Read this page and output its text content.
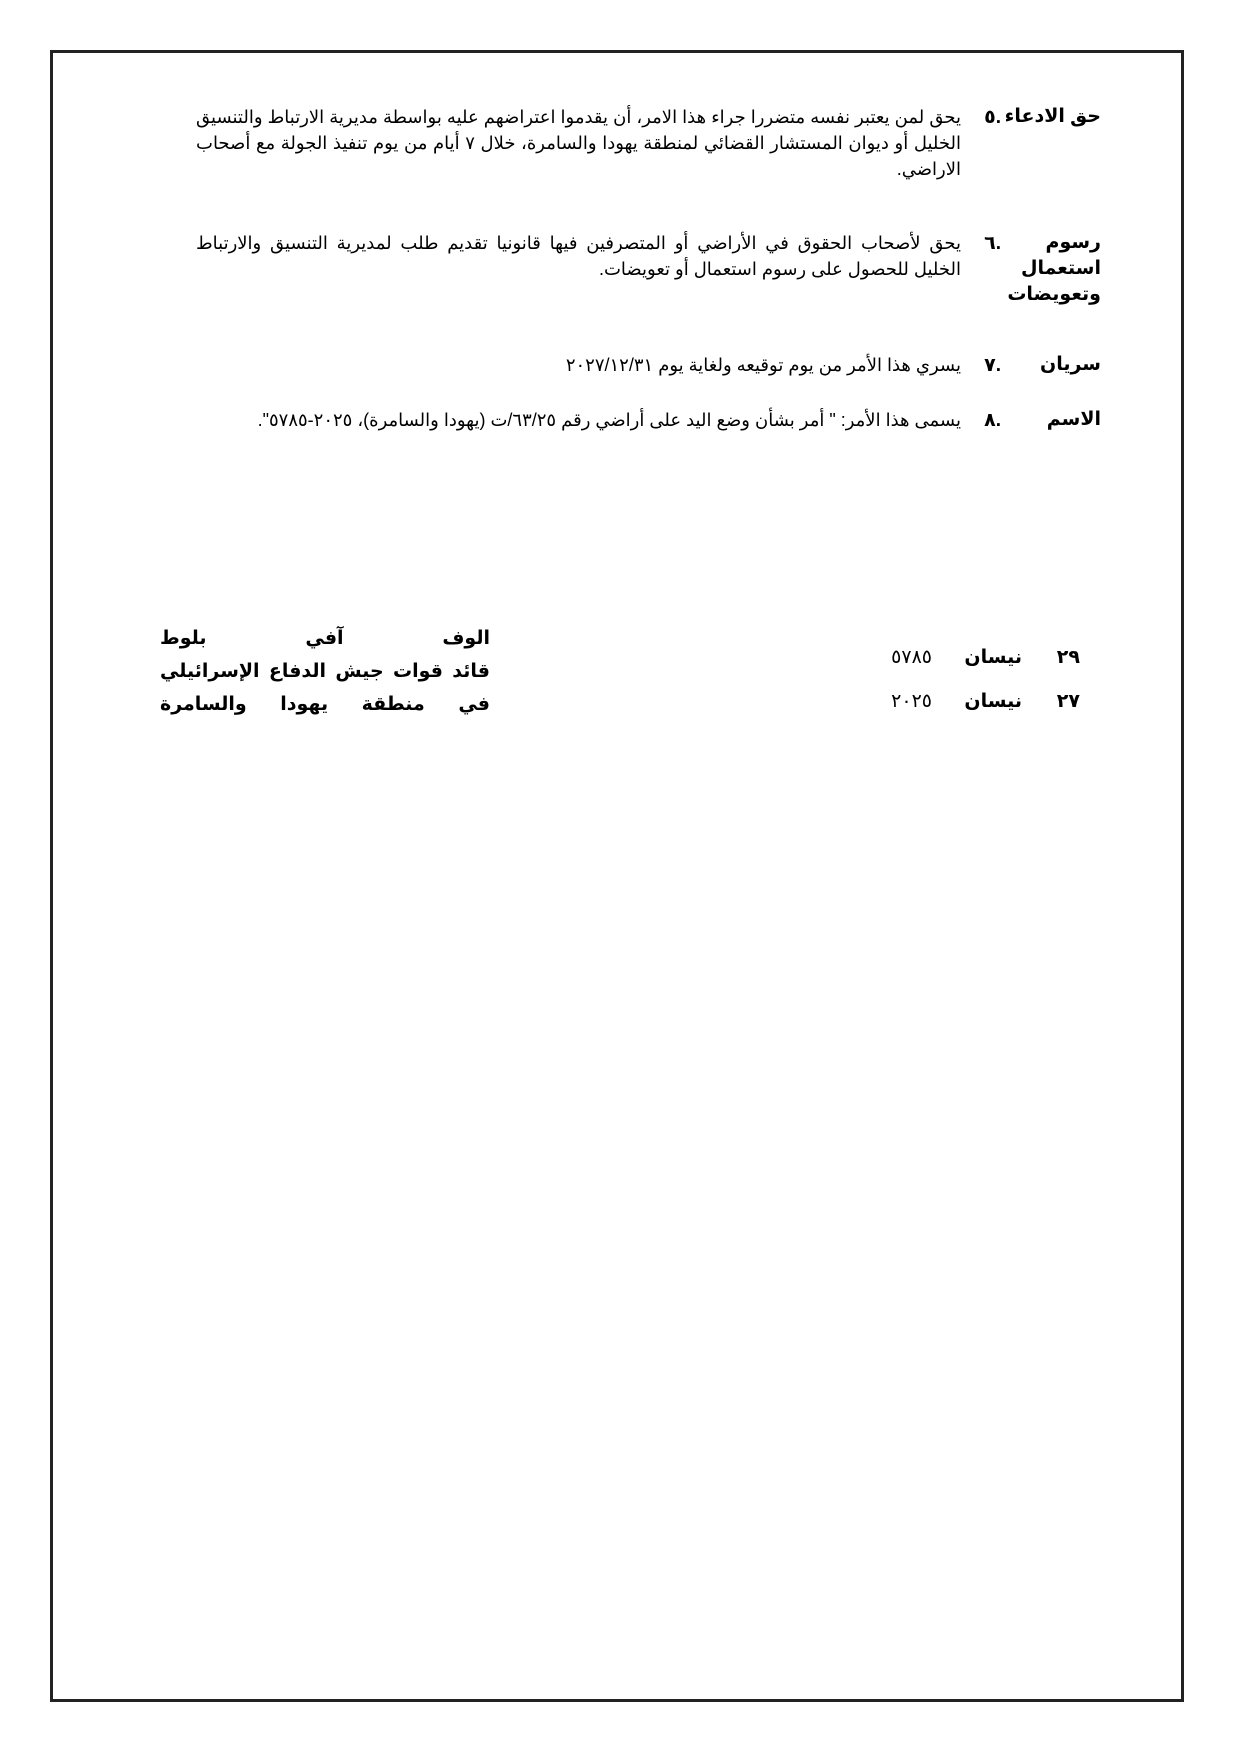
حق الادعاء
.٥
يحق لمن يعتبر نفسه متضررا جراء هذا الامر، أن يقدموا اعتراضهم عليه بواسطة مديرية الارتباط والتنسيق الخليل أو ديوان المستشار القضائي لمنطقة يهودا والسامرة، خلال ٧ أيام من يوم تنفيذ الجولة مع أصحاب الاراضي.
رسوم استعمال وتعويضات
.٦
يحق لأصحاب الحقوق في الأراضي أو المتصرفين فيها قانونيا تقديم طلب لمديرية التنسيق والارتباط الخليل للحصول على رسوم استعمال أو تعويضات.
سريان
.٧
يسري هذا الأمر من يوم توقيعه ولغاية يوم ٢٠٢٧/١٢/٣١
الاسم
.٨
يسمى هذا الأمر: " أمر بشأن وضع اليد على أراضي رقم ٦٣/٢٥/ت (يهودا والسامرة)، ٢٠٢٥-٥٧٨٥".
الوف آفي بلوط
قائد قوات جيش الدفاع الإسرائيلي
في منطقة يهودا والسامرة
٢٩
نيسان
٥٧٨٥
٢٧
نيسان
٢٠٢٥
